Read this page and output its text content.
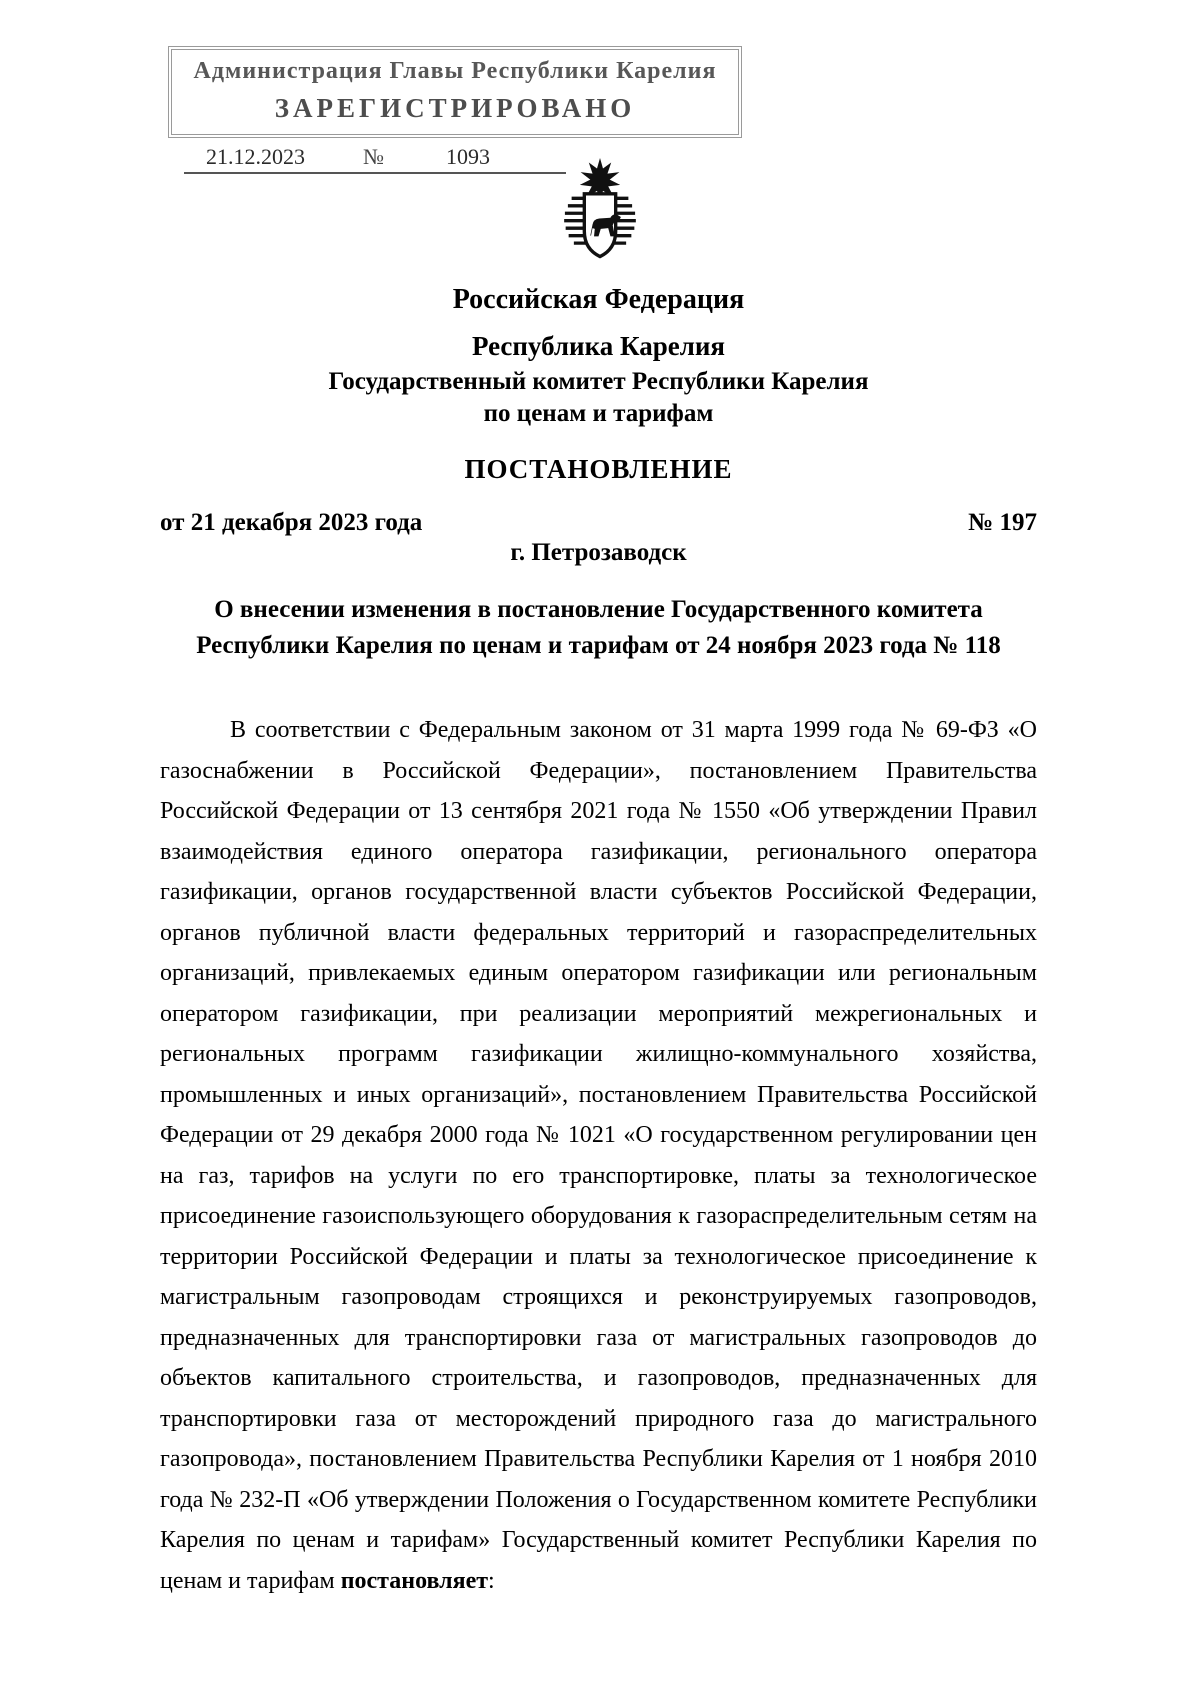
Администрация Главы Республики Карелия
ЗАРЕГИСТРИРОВАНО
21.12.2023	№	1093
Российская Федерация
Республика Карелия
Государственный комитет Республики Карелия
по ценам и тарифам
ПОСТАНОВЛЕНИЕ
от 21 декабря 2023 года	№ 197
г. Петрозаводск
О внесении изменения в постановление Государственного комитета Республики Карелия по ценам и тарифам от 24 ноября 2023 года № 118

В соответствии с Федеральным законом от 31 марта 1999 года № 69-ФЗ «О газоснабжении в Российской Федерации», постановлением Правительства Российской Федерации от 13 сентября 2021 года № 1550 «Об утверждении Правил взаимодействия единого оператора газификации, регионального оператора газификации, органов государственной власти субъектов Российской Федерации, органов публичной власти федеральных территорий и газораспределительных организаций, привлекаемых единым оператором газификации или региональным оператором газификации, при реализации мероприятий межрегиональных и региональных программ газификации жилищно-коммунального хозяйства, промышленных и иных организаций», постановлением Правительства Российской Федерации от 29 декабря 2000 года № 1021 «О государственном регулировании цен на газ, тарифов на услуги по его транспортировке, платы за технологическое присоединение газоиспользующего оборудования к газораспределительным сетям на территории Российской Федерации и платы за технологическое присоединение к магистральным газопроводам строящихся и реконструируемых газопроводов, предназначенных для транспортировки газа от магистральных газопроводов до объектов капитального строительства, и газопроводов, предназначенных для транспортировки газа от месторождений природного газа до магистрального газопровода», постановлением Правительства Республики Карелия от 1 ноября 2010 года № 232-П «Об утверждении Положения о Государственном комитете Республики Карелия по ценам и тарифам» Государственный комитет Республики Карелия по ценам и тарифам постановляет:
